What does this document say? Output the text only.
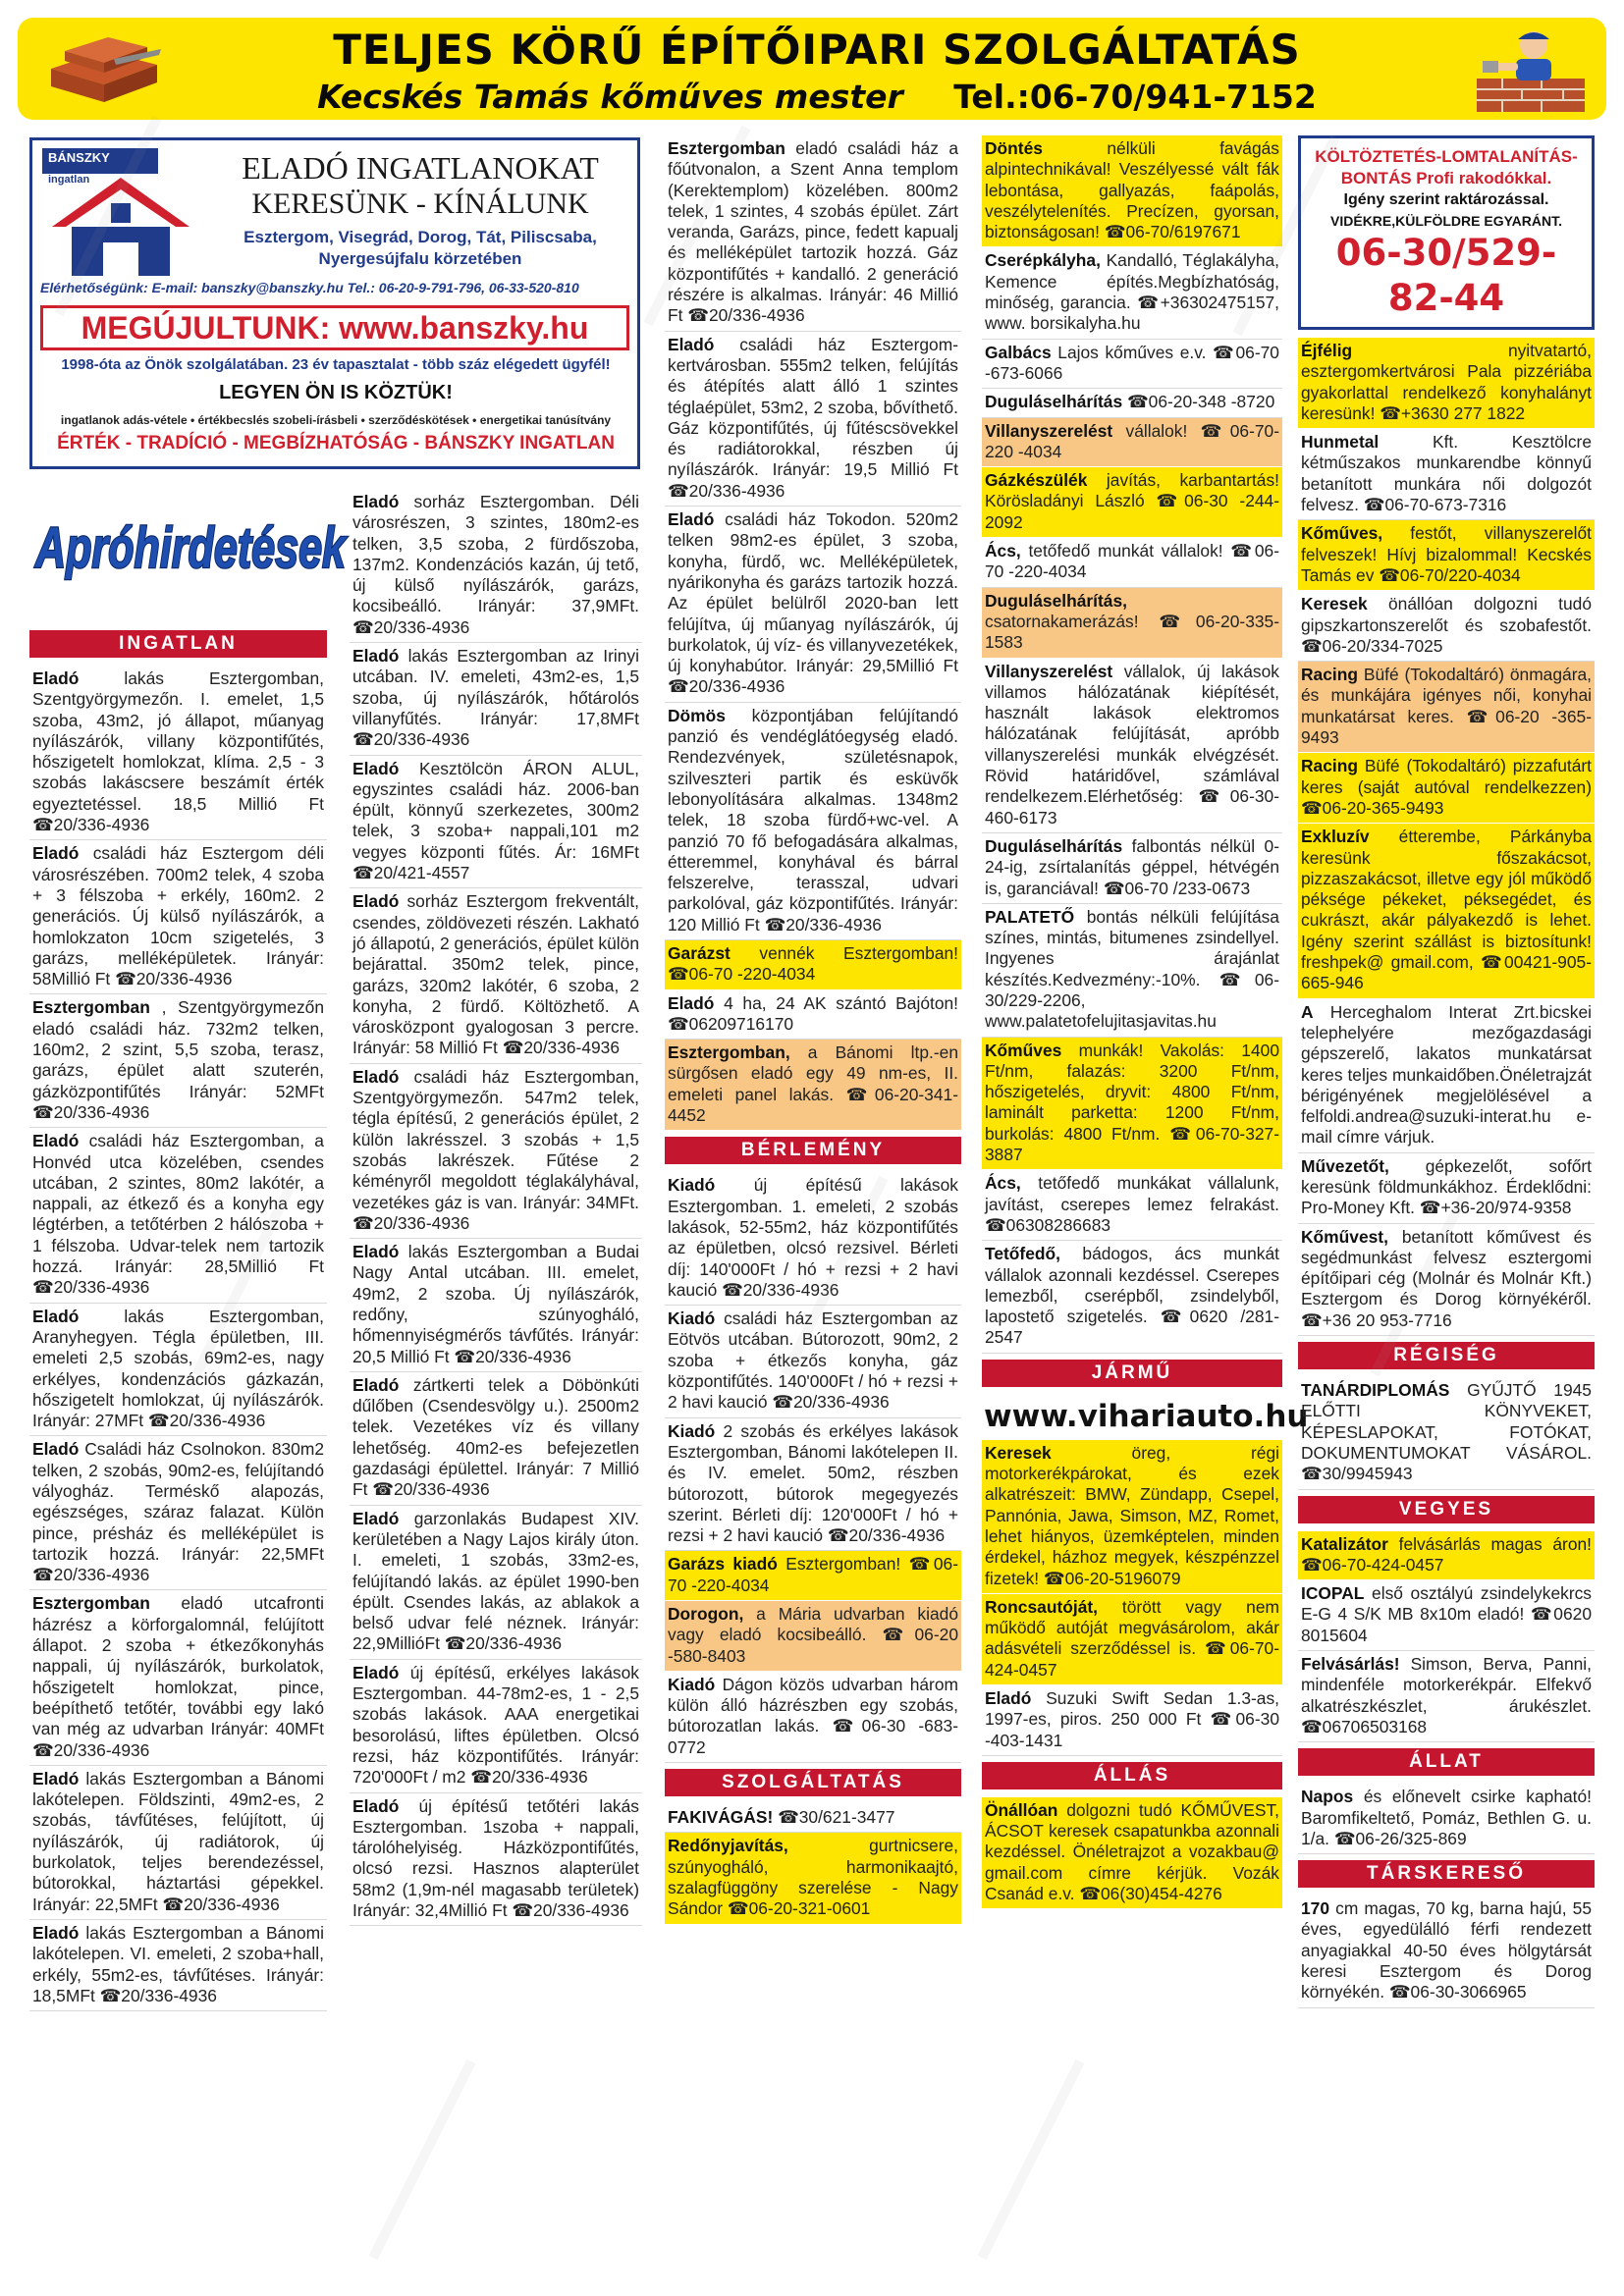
TELJES KÖRŰ ÉPÍTŐIPARI SZOLGÁLTATÁS
Kecskés Tamás kőműves mester Tel.:06-70/941-7152
BÁNSZKY
ingatlan	ELADÓ INGATLANOKAT
KERESÜNK - KÍNÁLUNK
Esztergom, Visegrád, Dorog, Tát, Piliscsaba, Nyergesújfalu körzetében
Elérhetőségünk: E-mail: banszky@banszky.hu Tel.: 06-20-9-791-796, 06-33-520-810
MEGÚJULTUNK: www.banszky.hu
1998-óta az Önök szolgálatában. 23 év tapasztalat - több száz elégedett ügyfél!
LEGYEN ÖN IS KÖZTÜK!
ingatlanok adás-vétele • értékbecslés szobeli-írásbeli • szerződéskötések • energetikai tanúsítvány
ÉRTÉK - TRADÍCIÓ - MEGBÍZHATÓSÁG - BÁNSZKY INGATLAN
Apróhirdetések
INGATLAN
Eladó	lakás Esztergomban, Szentgyörgymezőn. I. emelet, 1,5 szoba, 43m2, jó állapot, műanyag nyílászárók, villany központifűtés, hőszigetelt homlokzat, klíma. 2,5 - 3 szobás lakáscsere beszámít érték egyeztetéssel. 18,5 Millió Ft ☎20/336-4936
Eladó családi ház Esztergom déli városrészében. 700m2 telek, 4 szoba + 3 félszoba + erkély, 160m2. 2 generációs. Új külső nyílászárók, a homlokzaton 10cm szigetelés, 3 garázs, melléképületek. Irányár: 58Millió Ft ☎20/336-4936
Esztergomban , Szentgyörgymezőn eladó családi ház. 732m2 telken, 160m2, 2 szint, 5,5 szoba, terasz, garázs, épület alatt szuterén, gázközpontifűtés Irányár: 52MFt ☎20/336-4936
Eladó családi ház Esztergomban, a Honvéd utca közelében, csendes utcában, 2 szintes, 80m2 lakótér, a nappali, az étkező és a konyha egy légtérben, a tetőtérben 2 hálószoba + 1 félszoba. Udvar-telek nem tartozik hozzá. Irányár: 28,5Millió Ft ☎20/336-4936
Eladó	lakás Esztergomban, Aranyhegyen. Tégla épületben, III. emeleti 2,5 szobás, 69m2-es, nagy erkélyes, kondenzációs gázkazán, hőszigetelt homlokzat, új nyílászárók. Irányár: 27MFt ☎20/336-4936
Eladó Családi ház Csolnokon. 830m2 telken, 2 szobás, 90m2-es, felújítandó vályogház. Terméskő alapozás, egészséges, száraz falazat. Külön pince, présház és melléképület is tartozik hozzá. Irányár: 22,5MFt ☎20/336-4936
Esztergomban eladó utcafronti házrész a körforgalomnál, felújított állapot. 2 szoba + étkezőkonyhás nappali, új nyílászárók, burkolatok, hőszigetelt homlokzat, pince, beépíthető tetőtér, további egy lakó van még az udvarban Irányár: 40MFt ☎20/336-4936
Eladó lakás Esztergomban a Bánomi lakótelepen. Földszinti, 49m2-es, 2 szobás, távfűtéses, felújított, új nyílászárók, új radiátorok, új burkolatok, teljes berendezéssel, bútorokkal, háztartási gépekkel. Irányár: 22,5MFt ☎20/336-4936
Eladó lakás Esztergomban a Bánomi lakótelepen. VI. emeleti, 2 szoba+hall, erkély, 55m2-es, távfűtéses. Irányár: 18,5MFt ☎20/336-4936
Eladó sorház Esztergomban. Déli városrészen, 3 szintes, 180m2-es telken, 3,5 szoba, 2 fürdőszoba, 137m2. Kondenzációs kazán, új tető, új külső nyílászárók, garázs, kocsibeálló. Irányár: 37,9MFt. ☎20/336-4936
Eladó lakás Esztergomban az Irinyi utcában. IV. emeleti, 43m2-es, 1,5 szoba, új nyílászárók, hőtárolós villanyfűtés. Irányár: 17,8MFt ☎20/336-4936
Eladó Kesztölcön ÁRON ALUL, egyszintes családi ház. 2006-ban épült, könnyű szerkezetes, 300m2 telek, 3 szoba+ nappali,101 m2 vegyes központi fűtés. Ár: 16MFt ☎20/421-4557
Eladó sorház Esztergom frekventált, csendes, zöldövezeti részén. Lakható jó állapotú, 2 generációs, épület külön bejárattal. 350m2 telek, pince, garázs, 320m2 lakótér, 6 szoba, 2 konyha, 2 fürdő. Költözhető. A városközpont gyalogosan 3 percre. Irányár: 58 Millió Ft ☎20/336-4936
Eladó családi ház Esztergomban, Szentgyörgymezőn. 547m2 telek, tégla építésű, 2 generációs épület, 2 külön lakrésszel. 3 szobás + 1,5 szobás lakrészek. Fűtése 2 kéményről megoldott téglakályhával, vezetékes gáz is van. Irányár: 34MFt. ☎20/336-4936
Eladó lakás Esztergomban a Budai Nagy Antal utcában. III. emelet, 49m2, 2 szoba. Új nyílászárók, redőny, szúnyogháló, hőmennyiségmérős távfűtés. Irányár: 20,5 Millió Ft ☎20/336-4936
Eladó zártkerti telek a Döbönkúti dűlőben (Csendesvölgy u.). 2500m2 telek. Vezetékes víz és villany lehetőség. 40m2-es befejezetlen gazdasági épülettel. Irányár: 7 Millió Ft ☎20/336-4936
Eladó garzonlakás Budapest XIV. kerületében a Nagy Lajos király úton. I. emeleti, 1 szobás, 33m2-es, felújítandó lakás. az épület 1990-ben épült. Csendes lakás, az ablakok a belső udvar felé néznek. Irányár: 22,9MillióFt ☎20/336-4936
Eladó új építésű, erkélyes lakások Esztergomban. 44-78m2-es, 1 - 2,5 szobás lakások. AAA energetikai besorolású, liftes épületben. Olcsó rezsi, ház központifűtés. Irányár: 720'000Ft / m2 ☎20/336-4936
Eladó új építésű tetőtéri lakás Esztergomban. 1szoba + nappali, tárolóhelyiség. Házközpontifűtés, olcsó rezsi. Hasznos alapterület 58m2 (1,9m-nél magasabb területek) Irányár: 32,4Millió Ft ☎20/336-4936
Esztergomban eladó családi ház a főútvonalon, a Szent Anna templom (Kerektemplom) közelében. 800m2 telek, 1 szintes, 4 szobás épület. Zárt veranda, Garázs, pince, fedett kapualj és melléképület tartozik hozzá. Gáz központifűtés + kandalló. 2 generáció részére is alkalmas. Irányár: 46 Millió Ft ☎20/336-4936
Eladó családi ház Esztergom-kertvárosban. 555m2 telken, felújítás és átépítés alatt álló 1 szintes téglaépület, 53m2, 2 szoba, bővíthető. Gáz központifűtés, új fűtéscsövekkel és radiátorokkal, részben új nyílászárók. Irányár: 19,5 Millió Ft ☎20/336-4936
Eladó családi ház Tokodon. 520m2 telken 98m2-es épület, 3 szoba, konyha, fürdő, wc. Melléképületek, nyárikonyha és garázs tartozik hozzá. Az épület belülről 2020-ban lett felújítva, új műanyag nyílászárók, új burkolatok, új víz- és villanyvezetékek, új konyhabútor. Irányár: 29,5Millió Ft ☎20/336-4936
Dömös központjában felújítandó panzió és vendéglátóegység eladó. Rendezvények, születésnapok, szilveszteri partik és esküvők lebonyolítására alkalmas. 1348m2 telek, 18 szoba fürdő+wc-vel. A panzió 70 fő befogadására alkalmas, étteremmel, konyhával és bárral felszerelve, terasszal, udvari parkolóval, gáz központifűtés. Irányár: 120 Millió Ft ☎20/336-4936
Garázst vennék Esztergomban! ☎06-70 -220-4034
Eladó 4 ha, 24 AK szántó Bajóton! ☎06209716170
Esztergomban, a Bánomi ltp.-en sürgősen eladó egy 49 nm-es, II. emeleti panel lakás. ☎06-20-341-4452
BÉRLEMÉNY
Kiadó új építésű lakások Esztergomban. 1. emeleti, 2 szobás lakások, 52-55m2, ház központifűtés az épületben, olcsó rezsivel. Bérleti díj: 140'000Ft / hó + rezsi + 2 havi kaució ☎20/336-4936
Kiadó családi ház Esztergomban az Eötvös utcában. Bútorozott, 90m2, 2 szoba + étkezős konyha, gáz központifűtés. 140'000Ft / hó + rezsi + 2 havi kaució ☎20/336-4936
Kiadó 2 szobás és erkélyes lakások Esztergomban, Bánomi lakótelepen II. és IV. emelet. 50m2, részben bútorozott, bútorok megegyezés szerint. Bérleti díj: 120'000Ft / hó + rezsi + 2 havi kaució ☎20/336-4936
Garázs kiadó Esztergomban! ☎06-70 -220-4034
Dorogon, a Mária udvarban kiadó vagy eladó kocsibeálló. ☎06-20 -580-8403
Kiadó Dágon közös udvarban három külön álló házrészben egy szobás, bútorozatlan lakás. ☎06-30 -683-0772
SZOLGÁLTATÁS
FAKIVÁGÁS! ☎30/621-3477
Redőnyjavítás,	gurtnicsere, szúnyogháló, harmonikaajtó, szalagfüggöny szerelése - Nagy Sándor ☎06-20-321-0601
Döntés	nélküli favágás alpintechnikával! Veszélyessé vált fák lebontása, gallyazás, faápolás, veszélytelenítés. Precízen, gyorsan, biztonságosan! ☎06-70/6197671
Cserépkályha, Kandalló, Téglakályha, Kemence építés.Megbízhatóság, minőség, garancia. ☎+36302475157, www. borsikalyha.hu
Galbács Lajos kőműves e.v. ☎06-70 -673-6066
Duguláselhárítás ☎06-20-348 -8720
Villanyszerelést vállalok! ☎06-70-220 -4034
Gázkészülék javítás, karbantartás! Körösladányi László ☎06-30 -244-2092
Ács, tetőfedő munkát vállalok! ☎06-70 -220-4034
Duguláselhárítás, csatornakamerázás! ☎06-20-335-1583
Villanyszerelést vállalok, új lakások villamos hálózatának kiépítését, használt lakások elektromos hálózatának felújítását, apróbb villanyszerelési munkák elvégzését. Rövid határidővel, számlával rendelkezem.Elérhetőség: ☎06-30-460-6173
Duguláselhárítás falbontás nélkül 0-24-ig, zsírtalanítás géppel, hétvégén is, garanciával! ☎06-70 /233-0673
PALATETŐ bontás nélküli felújítása színes, mintás, bitumenes zsindellyel. Ingyenes árajánlat készítés.Kedvezmény:-10%. ☎06-30/229-2206, www.palatetofelujitasjavitas.hu
Kőműves munkák! Vakolás: 1400 Ft/nm, falazás: 3200 Ft/nm, hőszigetelés, dryvit: 4800 Ft/nm, laminált parketta: 1200 Ft/nm, burkolás: 4800 Ft/nm. ☎06-70-327-3887
Ács, tetőfedő munkákat vállalunk, javítást, cserepes lemez felrakást. ☎06308286683
Tetőfedő, bádogos, ács munkát vállalok azonnali kezdéssel. Cserepes lemezből, cserépből, zsindelyből, lapostető szigetelés. ☎0620 /281-2547
JÁRMŰ
www.vihariauto.hu
Keresek	öreg, régi motorkerékpárokat, és ezek alkatrészeit: BMW, Zündapp, Csepel, Pannónia, Jawa, Simson, MZ, Romet, lehet hiányos, üzemképtelen, minden érdekel, házhoz megyek, készpénzzel fizetek! ☎06-20-5196079
Roncsautóját, törött vagy nem működő autóját megvásárolom, akár adásvételi szerződéssel is. ☎06-70-424-0457
Eladó Suzuki Swift Sedan 1.3-as, 1997-es, piros. 250 000 Ft ☎06-30 -403-1431
ÁLLÁS
Önállóan dolgozni tudó KŐMŰVEST, ÁCSOT keresek csapatunkba azonnali kezdéssel. Önéletrajzot a vozakbau@ gmail.com címre kérjük. Vozák Csanád e.v. ☎06(30)454-4276
KÖLTÖZTETÉS-LOMTALANÍTÁS-BONTÁS Profi rakodókkal.
Igény szerint raktározással.
VIDÉKRE,KÜLFÖLDRE EGYARÁNT.
06-30/529-82-44
Éjfélig	nyitvatartó, esztergomkertvárosi Pala pizzériába gyakorlattal rendelkező konyhalányt keresünk! ☎+3630 277 1822
Hunmetal	Kft. Kesztölcre kétműszakos munkarendbe könnyű betanított munkára női dolgozót felvesz. ☎06-70-673-7316
Kőműves, festőt, villanyszerelőt felveszek! Hívj bizalommal! Kecskés Tamás ev ☎06-70/220-4034
Keresek önállóan dolgozni tudó gipszkartonszerelőt és szobafestőt. ☎06-20/334-7025
Racing Büfé (Tokodaltáró) önmagára, és munkájára igényes női, konyhai munkatársat keres. ☎06-20 -365-9493
Racing Büfé (Tokodaltáró) pizzafutárt keres (saját autóval rendelkezzen) ☎06-20-365-9493
Exkluzív étterembe, Párkányba keresünk főszakácsot, pizzaszakácsot, illetve egy jól működő péksége pékeket, péksegédet, és cukrászt, akár pályakezdő is lehet. Igény szerint szállást is biztosítunk! freshpek@ gmail.com, ☎00421-905-665-946
A Herceghalom Interat Zrt.bicskei telephelyére mezőgazdasági gépszerelő, lakatos munkatársat keres teljes munkaidőben.Önéletrajzát bérigényének megjelölésével a felfoldi.andrea@suzuki-interat.hu e-mail címre várjuk.
Művezetőt, gépkezelőt, sofőrt keresünk földmunkákhoz. Érdeklődni: Pro-Money Kft. ☎+36-20/974-9358
Kőművest, betanított kőművest és segédmunkást felvesz esztergomi építőipari cég (Molnár és Molnár Kft.) Esztergom és Dorog környékéről. ☎+36 20 953-7716
RÉGISÉG
TANÁRDIPLOMÁS GYŰJTŐ 1945 ELŐTTI KÖNYVEKET, KÉPESLAPOKAT, FOTÓKAT, DOKUMENTUMOKAT VÁSÁROL. ☎30/9945943
VEGYES
Katalizátor felvásárlás magas áron! ☎06-70-424-0457
ICOPAL első osztályú zsindelykekrcs E-G 4 S/K MB 8x10m eladó! ☎0620 8015604
Felvásárlás! Simson, Berva, Panni, mindenféle motorkerékpár. Elfekvő alkatrészkészlet, árukészlet. ☎06706503168
ÁLLAT
Napos és előnevelt csirke kapható! Baromfikeltető, Pomáz, Bethlen G. u. 1/a. ☎06-26/325-869
TÁRSKERESŐ
170 cm magas, 70 kg, barna hajú, 55 éves, egyedülálló férfi rendezett anyagiakkal 40-50 éves hölgytársát keresi Esztergom és Dorog környékén. ☎06-30-3066965
